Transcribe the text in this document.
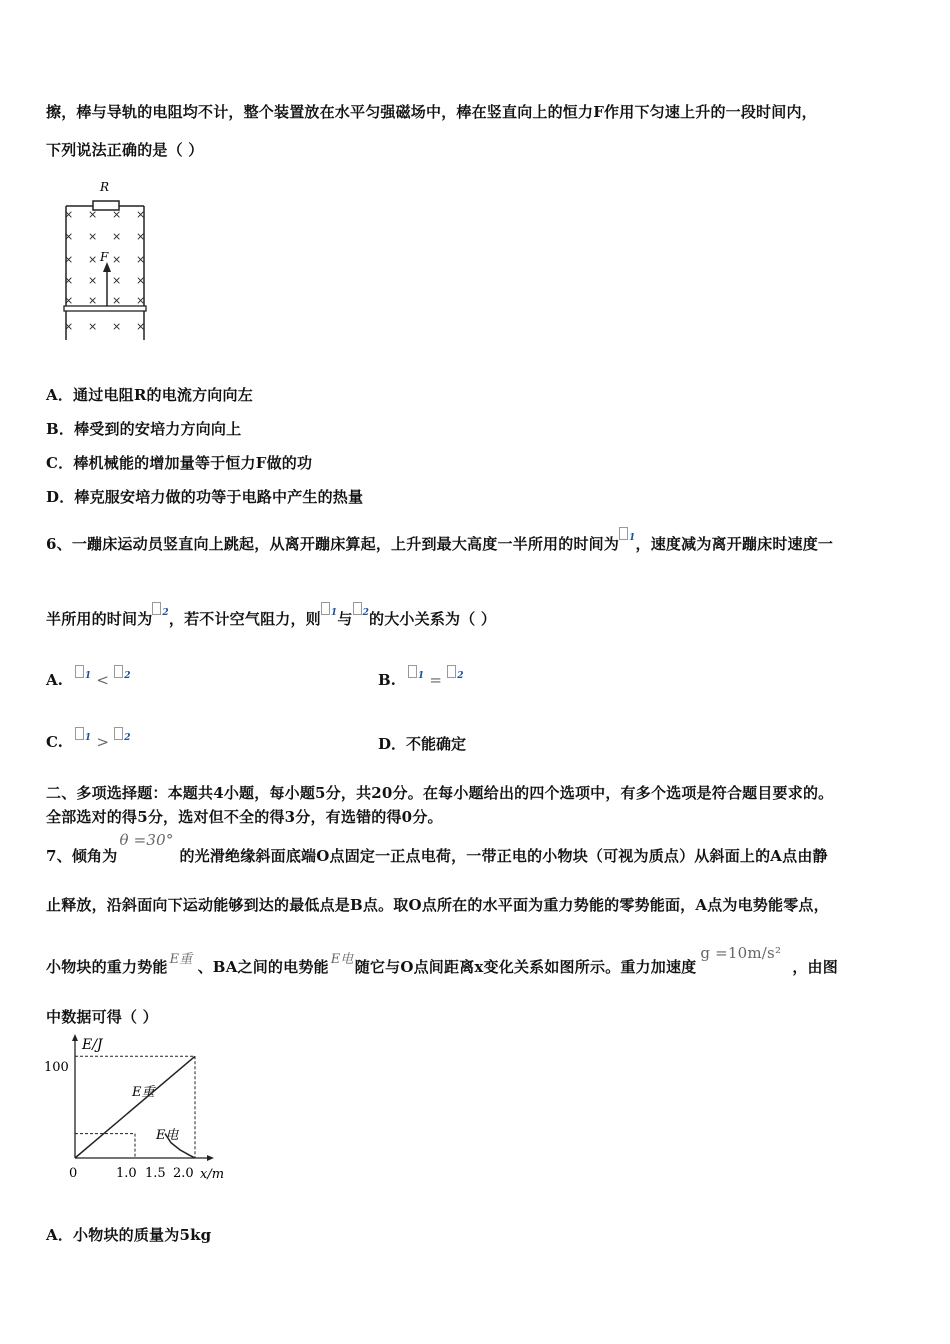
擦，棒与导轨的电阻均不计，整个装置放在水平匀强磁场中，棒在竖直向上的恒力F作用下匀速上升的一段时间内，
下列说法正确的是（ ）
R
× × × ×
× × × ×
× × × ×
× × × ×
× × × ×
× × × ×
F
A．通过电阻R的电流方向向左
B．棒受到的安培力方向向上
C．棒机械能的增加量等于恒力F做的功
D．棒克服安培力做的功等于电路中产生的热量
6、一蹦床运动员竖直向上跳起，从离开蹦床算起，上升到最大高度一半所用的时间为 $^1$，速度减为离开蹦床时速度一
半所用的时间为 $^2$，若不计空气阻力，则 $^1$与 $^2$的大小关系为（ ）
A. $^1$ < $^2$	B. $^1$ = $^2$
C. $^1$ > $^2$	D．不能确定
二、多项选择题：本题共4小题，每小题5分，共20分。在每小题给出的四个选项中，有多个选项是符合题目要求的。
全部选对的得5分，选对但不全的得3分，有选错的得0分。
7、倾角为
θ =30°
的光滑绝缘斜面底端O点固定一正点电荷，一带正电的小物块（可视为质点）从斜面上的A点由静
止释放，沿斜面向下运动能够到达的最低点是B点。取O点所在的水平面为重力势能的零势能面，A点为电势能零点，
小物块的重力势能 E重 、BA之间的电势能 E电 随它与O点间距离x变化关系如图所示。重力加速度
g =10m/s²
，由图
中数据可得（ ）
E/J
x/m
100
0	1.0 1.5 2.0
E重
E电
A．小物块的质量为5kg
